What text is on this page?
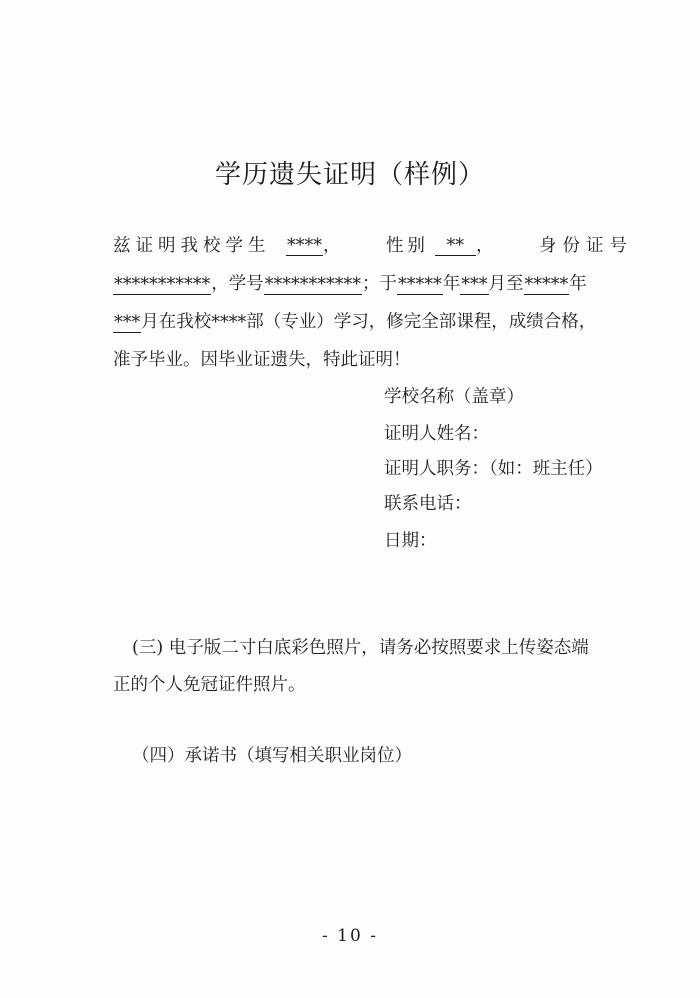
学历遗失证明（样例）
兹证明我校学生 ****，	性别 **，	身份证号
*********** ，学号 *********** ；于 ***** 年 *** 月至 ***** 年
*** 月在我校 **** 部（专业）学习，修完全部课程，成绩合格，
准予毕业。因毕业证遗失，特此证明！
学校名称（盖章）
证明人姓名：
证明人职务：（如：班主任）
联系电话：
日期：
(三) 电子版二寸白底彩色照片，请务必按照要求上传姿态端
正的个人免冠证件照片。
（四）承诺书（填写相关职业岗位）
- 10 -
